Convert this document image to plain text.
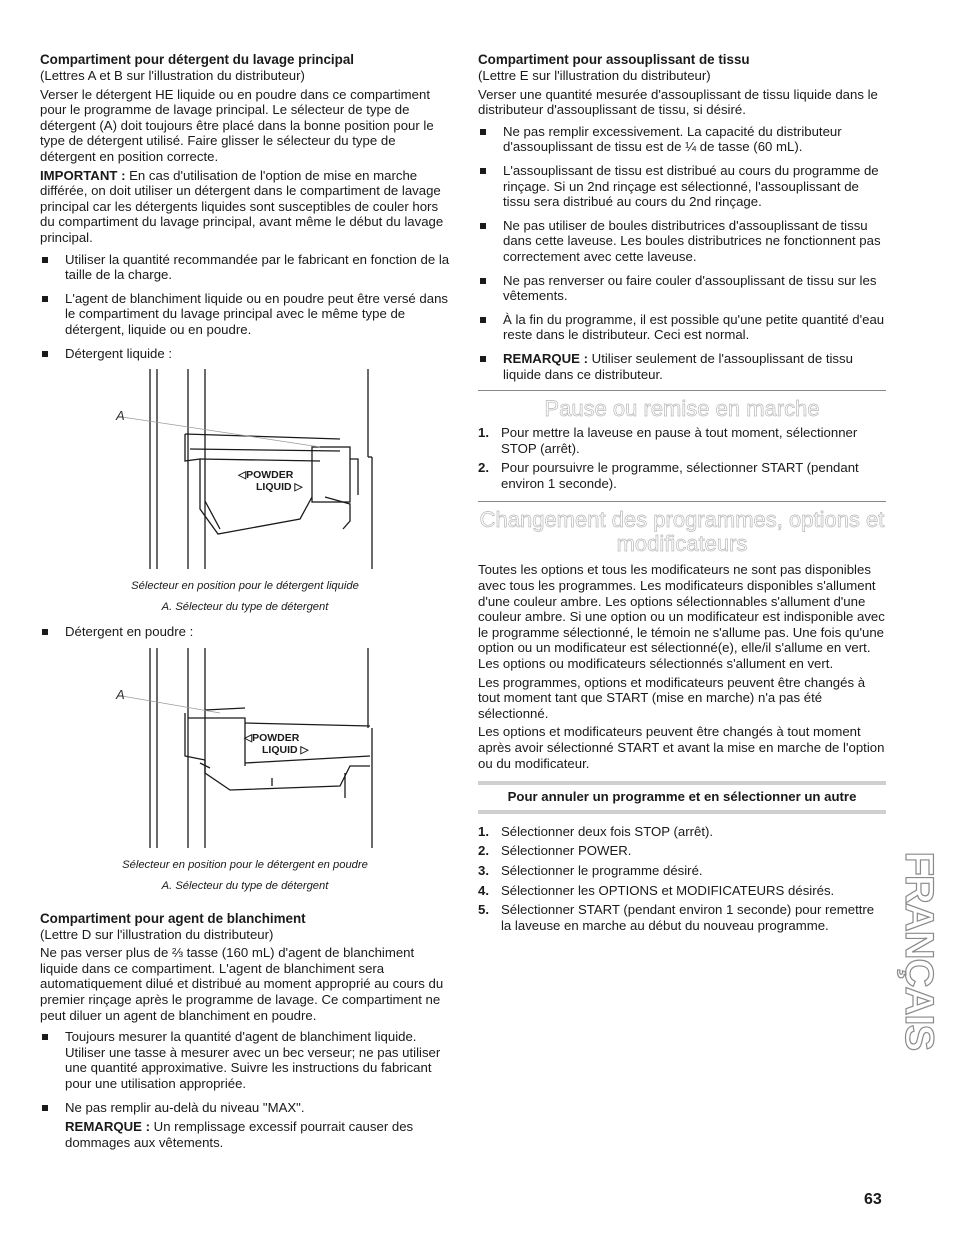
Compartiment pour détergent du lavage principal

(Lettres A et B sur l'illustration du distributeur)

Verser le détergent HE liquide ou en poudre dans ce compartiment pour le programme de lavage principal. Le sélecteur de type de détergent (A) doit toujours être placé dans la bonne position pour le type de détergent utilisé. Faire glisser le sélecteur du type de détergent en position correcte.

IMPORTANT : En cas d'utilisation de l'option de mise en marche différée, on doit utiliser un détergent dans le compartiment de lavage principal car les détergents liquides sont susceptibles de couler hors du compartiment du lavage principal, avant même le début du lavage principal.

Utiliser la quantité recommandée par le fabricant en fonction de la taille de la charge.
L'agent de blanchiment liquide ou en poudre peut être versé dans le compartiment du lavage principal avec le même type de détergent, liquide ou en poudre.
Détergent liquide :
A
◁POWDER
LIQUID ▷

Sélecteur en position pour le détergent liquide

A. Sélecteur du type de détergent

Détergent en poudre :
A
◁POWDER
LIQUID ▷

Sélecteur en position pour le détergent en poudre

A. Sélecteur du type de détergent

Compartiment pour agent de blanchiment

(Lettre D sur l'illustration du distributeur)

Ne pas verser plus de ⅔ tasse (160 mL) d'agent de blanchiment liquide dans ce compartiment. L'agent de blanchiment sera automatiquement dilué et distribué au moment approprié au cours du premier rinçage après le programme de lavage. Ce compartiment ne peut diluer un agent de blanchiment en poudre.

Toujours mesurer la quantité d'agent de blanchiment liquide. Utiliser une tasse à mesurer avec un bec verseur; ne pas utiliser une quantité approximative. Suivre les instructions du fabricant pour une utilisation appropriée.
Ne pas remplir au-delà du niveau "MAX".

REMARQUE : Un remplissage excessif pourrait causer des dommages aux vêtements.

Compartiment pour assouplissant de tissu

(Lettre E sur l'illustration du distributeur)

Verser une quantité mesurée d'assouplissant de tissu liquide dans le distributeur d'assouplissant de tissu, si désiré.

Ne pas remplir excessivement. La capacité du distributeur d'assouplissant de tissu est de ¼ de tasse (60 mL).
L'assouplissant de tissu est distribué au cours du programme de rinçage. Si un 2nd rinçage est sélectionné, l'assouplissant de tissu sera distribué au cours du 2nd rinçage.
Ne pas utiliser de boules distributrices d'assouplissant de tissu dans cette laveuse. Les boules distributrices ne fonctionnent pas correctement avec cette laveuse.
Ne pas renverser ou faire couler d'assouplissant de tissu sur les vêtements.
À la fin du programme, il est possible qu'une petite quantité d'eau reste dans le distributeur. Ceci est normal.
REMARQUE : Utiliser seulement de l'assouplissant de tissu liquide dans ce distributeur.
Pause ou remise en marche
1. Pour mettre la laveuse en pause à tout moment, sélectionner STOP (arrêt).
2. Pour poursuivre le programme, sélectionner START (pendant environ 1 seconde).
Changement des programmes, options et
modificateurs

Toutes les options et tous les modificateurs ne sont pas disponibles avec tous les programmes. Les modificateurs disponibles s'allument d'une couleur ambre. Les options sélectionnables s'allument d'une couleur ambre. Si une option ou un modificateur est indisponible avec le programme sélectionné, le témoin ne s'allume pas. Une fois qu'une option ou un modificateur est sélectionné(e), elle/il s'allume en vert. Les options ou modificateurs sélectionnés s'allument en vert.

Les programmes, options et modificateurs peuvent être changés à tout moment tant que START (mise en marche) n'a pas été sélectionné.

Les options et modificateurs peuvent être changés à tout moment après avoir sélectionné START et avant la mise en marche de l'option ou du modificateur.

Pour annuler un programme et en sélectionner un autre
1. Sélectionner deux fois STOP (arrêt).
2. Sélectionner POWER.
3. Sélectionner le programme désiré.
4. Sélectionner les OPTIONS et MODIFICATEURS désirés.
5. Sélectionner START (pendant environ 1 seconde) pour remettre la laveuse en marche au début du nouveau programme.	FRANÇAIS
63
